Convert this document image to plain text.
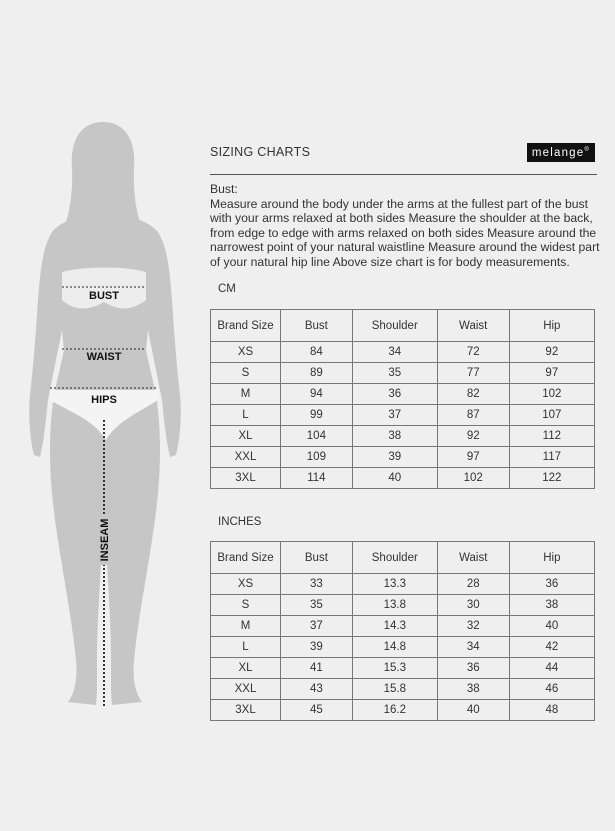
BUST
WAIST
HIPS
INSEAM
SIZING CHARTS	melange®

Bust:

Measure around the body under the arms at the fullest part of the bust with your arms relaxed at both sides Measure the shoulder at the back, from edge to edge with arms relaxed on both sides Measure around the narrowest point of your natural waistline Measure around the widest part of your natural hip line Above size chart is for body measurements.

CM
Brand Size	Bust	Shoulder	Waist	Hip
XS	84	34	72	92
S	89	35	77	97
M	94	36	82	102
L	99	37	87	107
XL	104	38	92	112
XXL	109	39	97	117
3XL	114	40	102	122
INCHES
Brand Size	Bust	Shoulder	Waist	Hip
XS	33	13.3	28	36
S	35	13.8	30	38
M	37	14.3	32	40
L	39	14.8	34	42
XL	41	15.3	36	44
XXL	43	15.8	38	46
3XL	45	16.2	40	48
